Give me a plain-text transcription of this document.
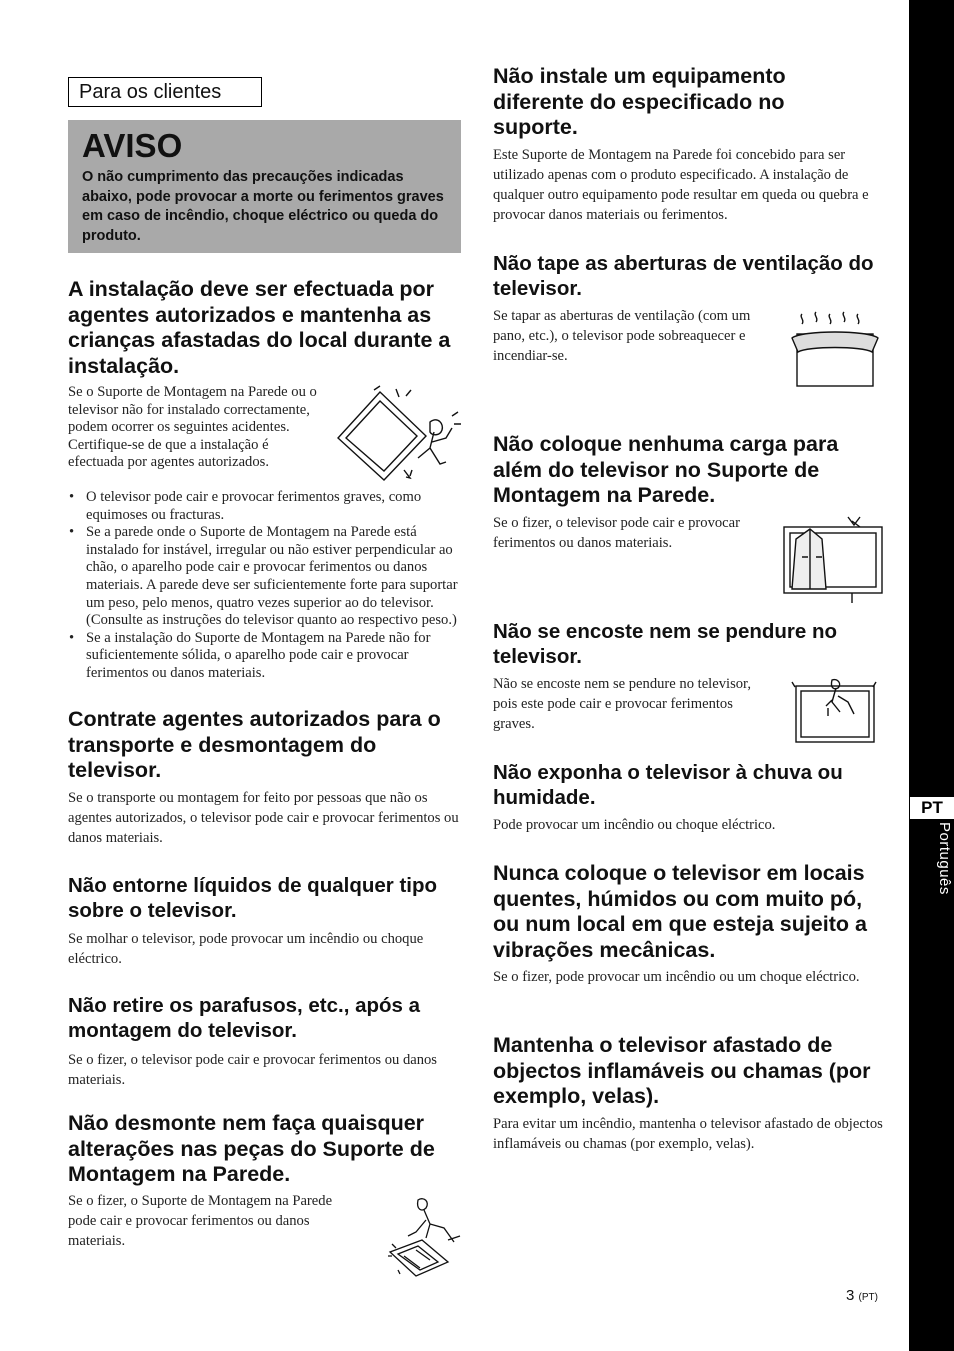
PT
Português
Para os clientes
AVISO

O não cumprimento das precauções indicadas abaixo, pode provocar a morte ou ferimentos graves em caso de incêndio, choque eléctrico ou queda do produto.

A instalação deve ser efectuada por agentes autorizados e mantenha as crianças afastadas do local durante a instalação.

Se o Suporte de Montagem na Parede ou o televisor não for instalado correctamente, podem ocorrer os seguintes acidentes. Certifique-se de que a instalação é efectuada por agentes autorizados.

• O televisor pode cair e provocar ferimentos graves, como equimoses ou fracturas.
• Se a parede onde o Suporte de Montagem na Parede está instalado for instável, irregular ou não estiver perpendicular ao chão, o aparelho pode cair e provocar ferimentos ou danos materiais. A parede deve ser suficientemente forte para suportar um peso, pelo menos, quatro vezes superior ao do televisor. (Consulte as instruções do televisor quanto ao respectivo peso.)
• Se a instalação do Suporte de Montagem na Parede não for suficientemente sólida, o aparelho pode cair e provocar ferimentos ou danos materiais.
Contrate agentes autorizados para o transporte e desmontagem do televisor.

Se o transporte ou montagem for feito por pessoas que não os agentes autorizados, o televisor pode cair e provocar ferimentos ou danos materiais.

Não entorne líquidos de qualquer tipo sobre o televisor.

Se molhar o televisor, pode provocar um incêndio ou choque eléctrico.

Não retire os parafusos, etc., após a montagem do televisor.

Se o fizer, o televisor pode cair e provocar ferimentos ou danos materiais.

Não desmonte nem faça quaisquer alterações nas peças do Suporte de Montagem na Parede.

Se o fizer, o Suporte de Montagem na Parede pode cair e provocar ferimentos ou danos materiais.

Não instale um equipamento diferente do especificado no suporte.

Este Suporte de Montagem na Parede foi concebido para ser utilizado apenas com o produto especificado. A instalação de qualquer outro equipamento pode resultar em queda ou quebra e provocar danos materiais ou ferimentos.

Não tape as aberturas de ventilação do televisor.

Se tapar as aberturas de ventilação (com um pano, etc.), o televisor pode sobreaquecer e incendiar-se.

Não coloque nenhuma carga para além do televisor no Suporte de Montagem na Parede.

Se o fizer, o televisor pode cair e provocar ferimentos ou danos materiais.

Não se encoste nem se pendure no televisor.

Não se encoste nem se pendure no televisor, pois este pode cair e provocar ferimentos graves.

Não exponha o televisor à chuva ou humidade.

Pode provocar um incêndio ou choque eléctrico.

Nunca coloque o televisor em locais quentes, húmidos ou com muito pó, ou num local em que esteja sujeito a vibrações mecânicas.

Se o fizer, pode provocar um incêndio ou um choque eléctrico.

Mantenha o televisor afastado de objectos inflamáveis ou chamas (por exemplo, velas).

Para evitar um incêndio, mantenha o televisor afastado de objectos inflamáveis ou chamas (por exemplo, velas).

3 (PT)
